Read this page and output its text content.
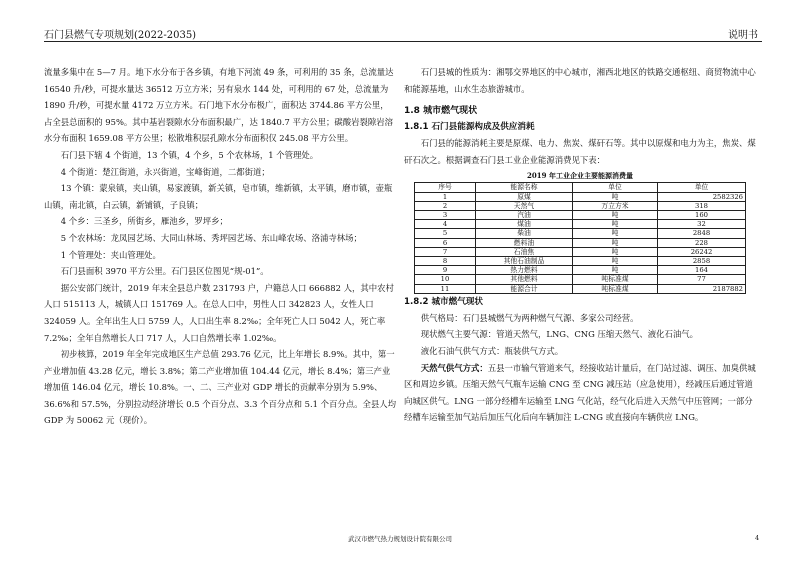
石门县燃气专项规划(2022-2035)	说明书

流量多集中在 5—7 月。地下水分布于各乡镇，有地下河流 49 条，可利用的 35 条，总流量达 16540 升/秒，可提水量达 36512 万立方米；另有泉水 144 处，可利用的 67 处，总流量为 1890 升/秒，可提水量 4172 万立方米。石门地下水分布极广，面积达 3744.86 平方公里，占全县总面积的 95%。其中基岩裂隙水分布面积最广，达 1840.7 平方公里；碳酸岩裂隙岩溶水分布面积 1659.08 平方公里；松散堆积层孔隙水分布面积仅 245.08 平方公里。

石门县下辖 4 个街道，13 个镇，4 个乡，5 个农林场，1 个管理处。

4 个街道：楚江街道，永兴街道，宝峰街道，二都街道；

13 个镇：蒙泉镇，夹山镇，易家渡镇，新关镇，皂市镇，维新镇，太平镇，磨市镇，壶瓶山镇，南北镇，白云镇，新铺镇，子良镇；

4 个乡：三圣乡，所街乡，雁池乡，罗坪乡；

5 个农林场：龙凤园艺场、大同山林场、秀坪园艺场、东山峰农场、洛浦寺林场；

1 个管理处：夹山管理处。

石门县面积 3970 平方公里。石门县区位图见“规-01”。

据公安部门统计，2019 年末全县总户数 231793 户，户籍总人口 666882 人，其中农村人口 515113 人，城镇人口 151769 人。在总人口中，男性人口 342823 人，女性人口 324059 人。全年出生人口 5759 人，人口出生率 8.2‰；全年死亡人口 5042 人，死亡率 7.2‰；全年自然增长人口 717 人，人口自然增长率 1.02‰。

初步核算，2019 年全年完成地区生产总值 293.76 亿元，比上年增长 8.9%。其中，第一产业增加值 43.28 亿元，增长 3.8%；第二产业增加值 104.44 亿元，增长 8.4%；第三产业增加值 146.04 亿元，增长 10.8%。一、二、三产业对 GDP 增长的贡献率分别为 5.9%、36.6%和 57.5%，分别拉动经济增长 0.5 个百分点、3.3 个百分点和 5.1 个百分点。全县人均 GDP 为 50062 元（现价）。

石门县城的性质为：湘鄂交界地区的中心城市，湘西北地区的铁路交通枢纽、商贸物流中心和能源基地，山水生态旅游城市。

1.8 城市燃气现状
1.8.1 石门县能源构成及供应消耗

石门县的能源消耗主要是原煤、电力、焦炭、煤矸石等。其中以原煤和电力为主，焦炭、煤矸石次之。根据调查石门县工业企业能源消费见下表：

2019 年工业企业主要能源消费量
序号	能源名称	单位	单位
1	原煤	吨	2582326
2	天然气	万立方米	318
3	汽油	吨	160
4	煤油	吨	32
5	柴油	吨	2848
6	燃料油	吨	228
7	石油焦	吨	26242
8	其他石油制品	吨	2858
9	热力燃料	吨	164
10	其他燃料	吨标准煤	77
11	能源合计	吨标准煤	2187882
1.8.2 城市燃气现状

供气格局：石门县城燃气为两种燃气气源、多家公司经营。

现状燃气主要气源：管道天然气，LNG、CNG 压缩天然气、液化石油气。

液化石油气供气方式：瓶装供气方式。

天然气供气方式：五县一市输气管道来气，经接收站计量后，在门站过滤、调压、加臭供城区和周边乡镇。压缩天然气气瓶车运输 CNG 至 CNG 减压站（应急使用），经减压后通过管道向城区供气。LNG 一部分经槽车运输至 LNG 气化站，经气化后进入天然气中压管网；一部分经槽车运输至加气站后加压气化后向车辆加注 L-CNG 或直接向车辆供应 LNG。

武汉市燃气热力规划设计院有限公司	4
